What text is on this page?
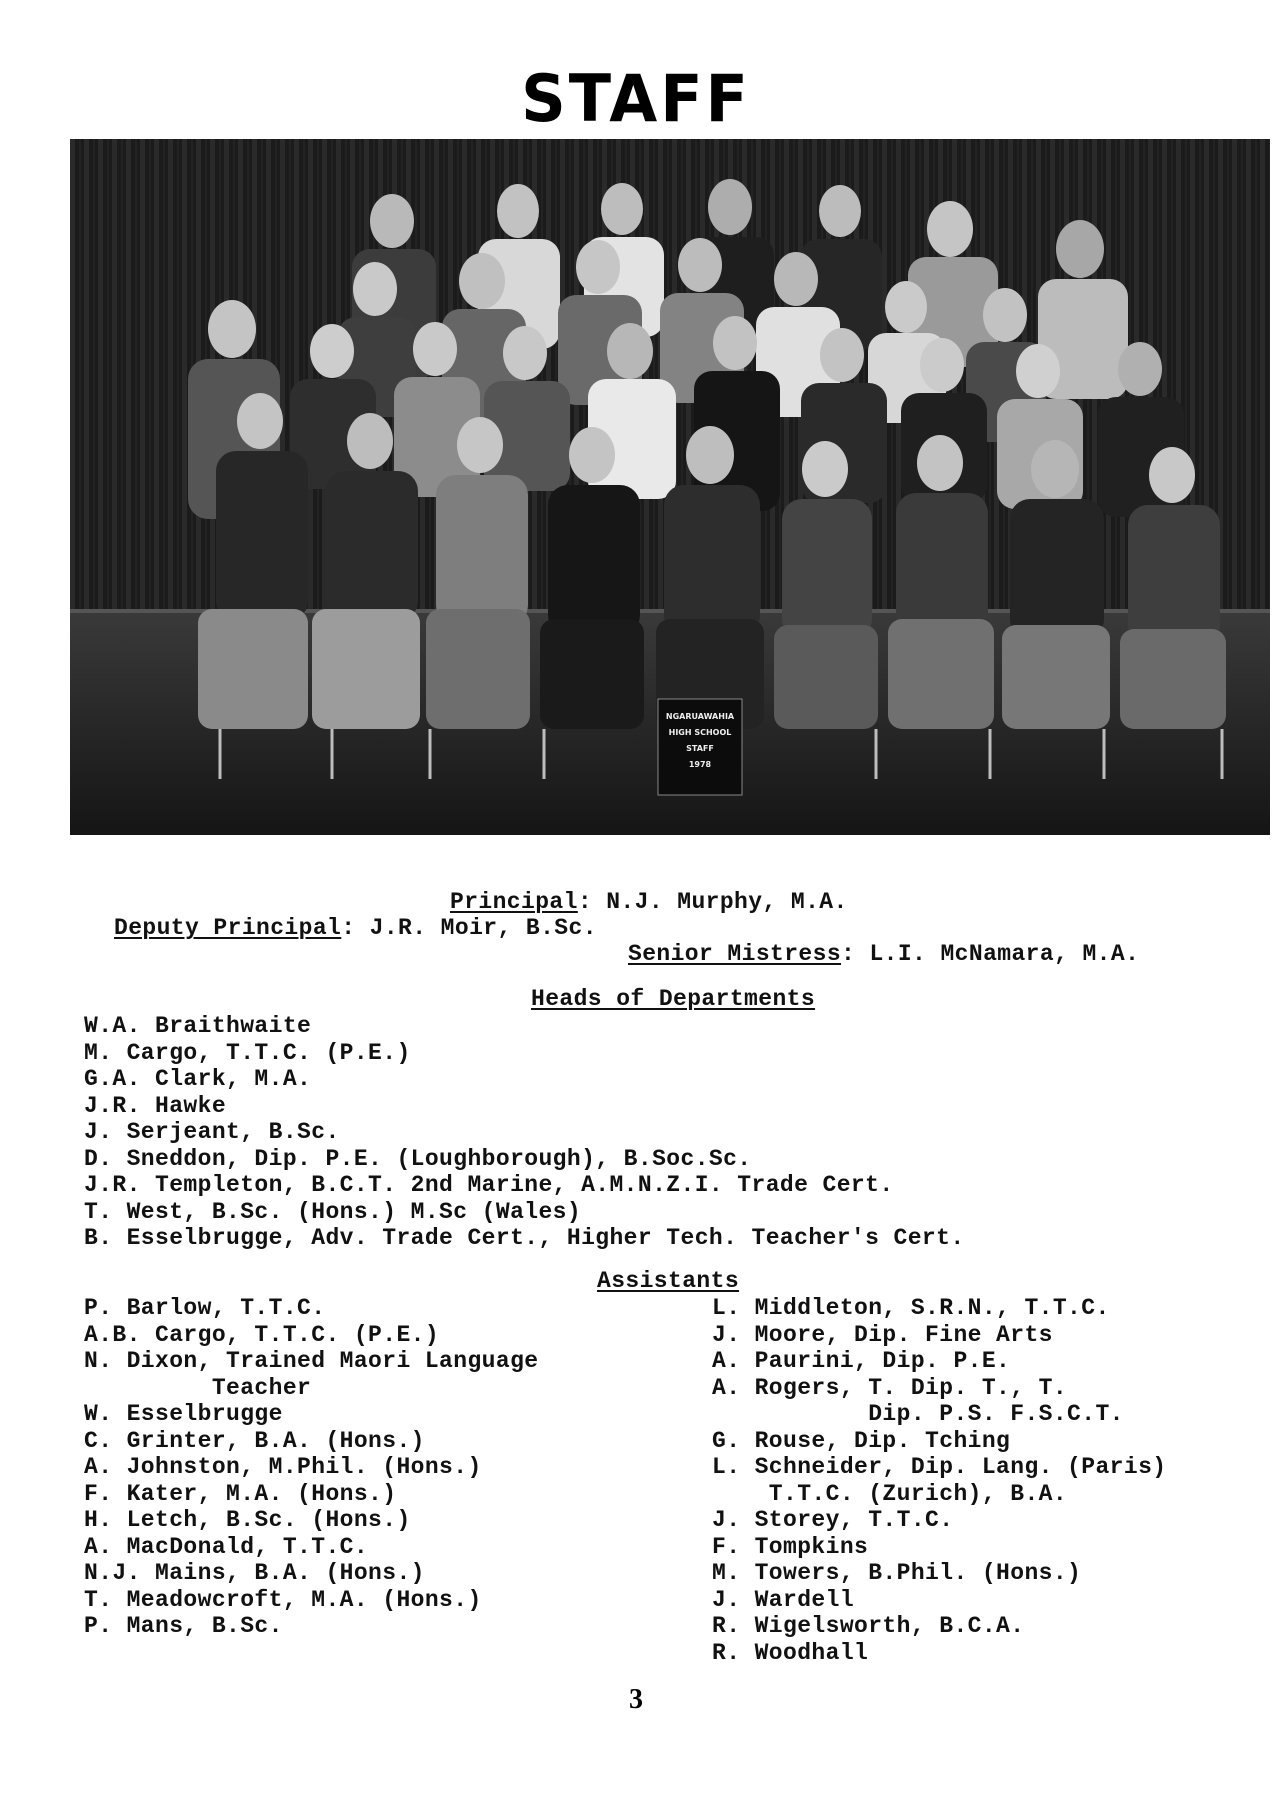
STAFF
NGARUAWAHIA
HIGH SCHOOL
STAFF
1978
Principal: N.J. Murphy, M.A.
Deputy Principal: J.R. Moir, B.Sc.
Senior Mistress: L.I. McNamara, M.A.
Heads of Departments
W.A. Braithwaite
M. Cargo, T.T.C. (P.E.)
G.A. Clark, M.A.
J.R. Hawke
J. Serjeant, B.Sc.
D. Sneddon, Dip. P.E. (Loughborough), B.Soc.Sc.
J.R. Templeton, B.C.T. 2nd Marine, A.M.N.Z.I. Trade Cert.
T. West, B.Sc. (Hons.) M.Sc (Wales)
B. Esselbrugge, Adv. Trade Cert., Higher Tech. Teacher's Cert.
Assistants
P. Barlow, T.T.C.
A.B. Cargo, T.T.C. (P.E.)
N. Dixon, Trained Maori Language
Teacher
W. Esselbrugge
C. Grinter, B.A. (Hons.)
A. Johnston, M.Phil. (Hons.)
F. Kater, M.A. (Hons.)
H. Letch, B.Sc. (Hons.)
A. MacDonald, T.T.C.
N.J. Mains, B.A. (Hons.)
T. Meadowcroft, M.A. (Hons.)
P. Mans, B.Sc.
L. Middleton, S.R.N., T.T.C.
J. Moore, Dip. Fine Arts
A. Paurini, Dip. P.E.
A. Rogers, T. Dip. T., T.
Dip. P.S. F.S.C.T.
G. Rouse, Dip. Tching
L. Schneider, Dip. Lang. (Paris)
T.T.C. (Zurich), B.A.
J. Storey, T.T.C.
F. Tompkins
M. Towers, B.Phil. (Hons.)
J. Wardell
R. Wigelsworth, B.C.A.
R. Woodhall
3
